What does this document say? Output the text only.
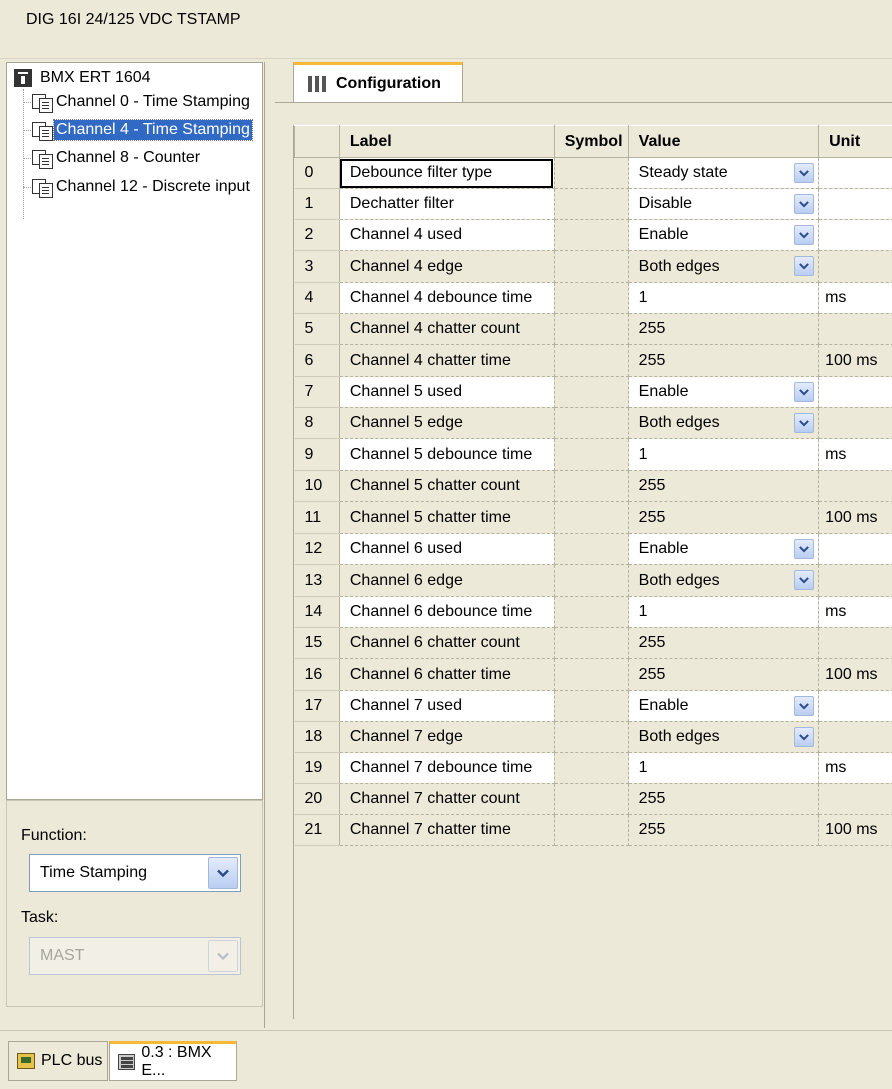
DIG 16I 24/125 VDC TSTAMP
BMX ERT 1604
Channel 0 - Time Stamping
Channel 4 - Time Stamping
Channel 8 - Counter
Channel 12 - Discrete input
Function:
Time Stamping
Task:
MAST
Configuration
	Label	Symbol	Value	Unit
0	Debounce filter type		Steady state

1	Dechatter filter		Disable

2	Channel 4 used		Enable

3	Channel 4 edge		Both edges

4	Channel 4 debounce time		1	ms
5	Channel 4 chatter count		255	
6	Channel 4 chatter time		255	100 ms
7	Channel 5 used		Enable

8	Channel 5 edge		Both edges

9	Channel 5 debounce time		1	ms
10	Channel 5 chatter count		255	
11	Channel 5 chatter time		255	100 ms
12	Channel 6 used		Enable

13	Channel 6 edge		Both edges

14	Channel 6 debounce time		1	ms
15	Channel 6 chatter count		255	
16	Channel 6 chatter time		255	100 ms
17	Channel 7 used		Enable

18	Channel 7 edge		Both edges

19	Channel 7 debounce time		1	ms
20	Channel 7 chatter count		255	
21	Channel 7 chatter time		255	100 ms
PLC bus 0.3 : BMX E...
